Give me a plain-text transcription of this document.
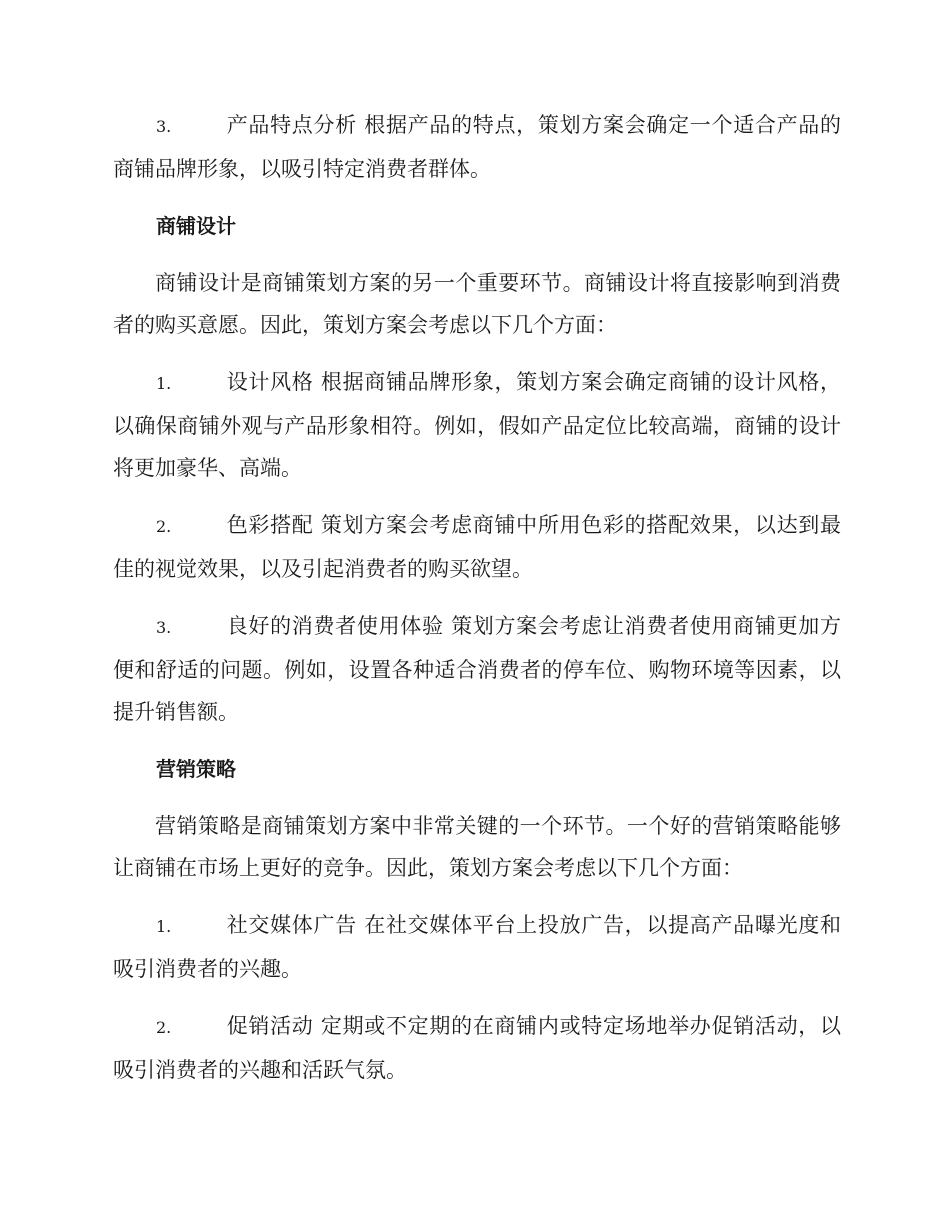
3.	产品特点分析 根据产品的特点，策划方案会确定一个适合产品的商铺品牌形象，以吸引特定消费者群体。

商铺设计

商铺设计是商铺策划方案的另一个重要环节。商铺设计将直接影响到消费者的购买意愿。因此，策划方案会考虑以下几个方面：

1.	设计风格 根据商铺品牌形象，策划方案会确定商铺的设计风格，以确保商铺外观与产品形象相符。例如，假如产品定位比较高端，商铺的设计将更加豪华、高端。

2.	色彩搭配 策划方案会考虑商铺中所用色彩的搭配效果，以达到最佳的视觉效果，以及引起消费者的购买欲望。

3.	良好的消费者使用体验 策划方案会考虑让消费者使用商铺更加方便和舒适的问题。例如，设置各种适合消费者的停车位、购物环境等因素，以提升销售额。

营销策略

营销策略是商铺策划方案中非常关键的一个环节。一个好的营销策略能够让商铺在市场上更好的竞争。因此，策划方案会考虑以下几个方面：

1.	社交媒体广告 在社交媒体平台上投放广告，以提高产品曝光度和吸引消费者的兴趣。

2.	促销活动 定期或不定期的在商铺内或特定场地举办促销活动，以吸引消费者的兴趣和活跃气氛。
